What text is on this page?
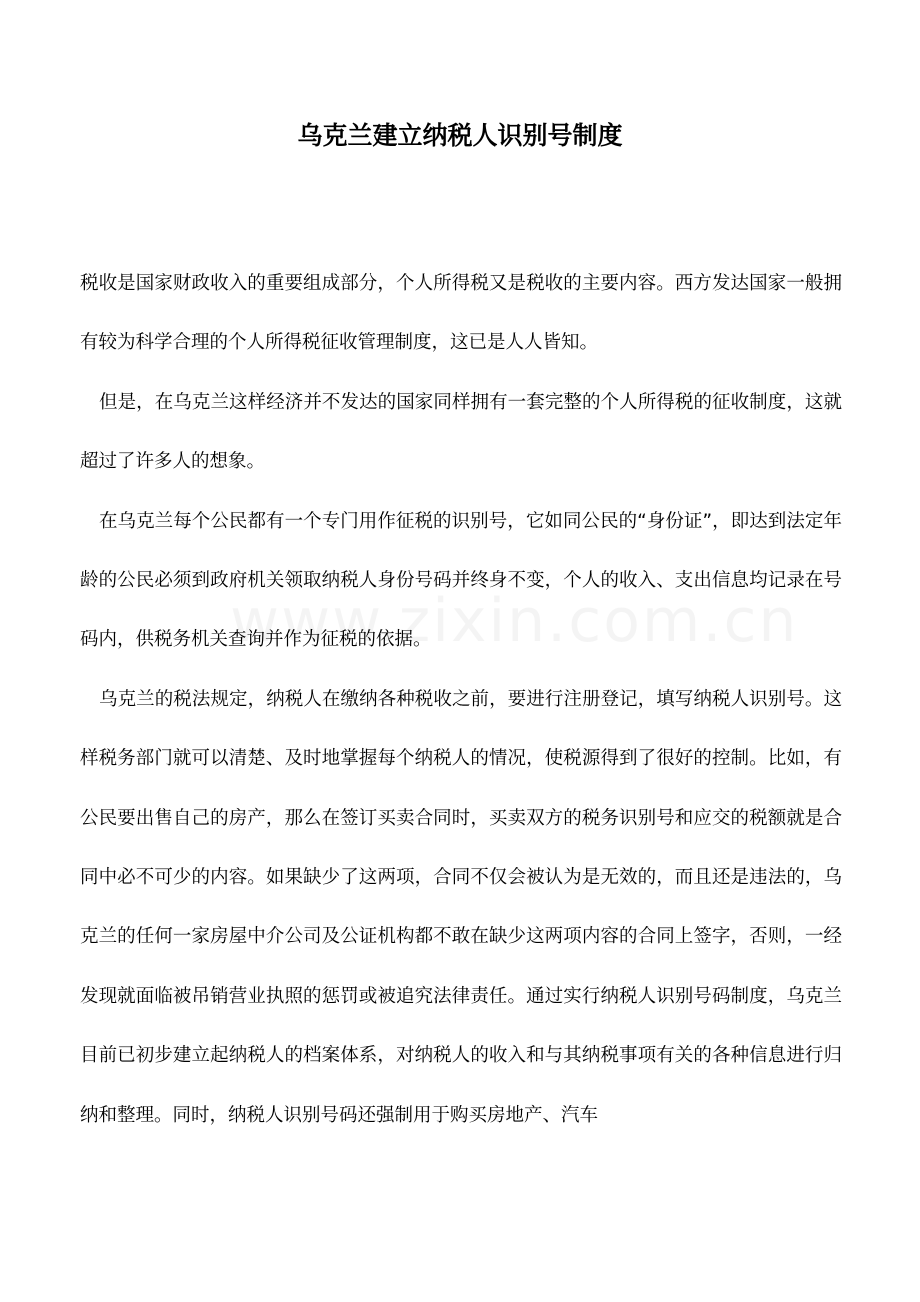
乌克兰建立纳税人识别号制度

税收是国家财政收入的重要组成部分，个人所得税又是税收的主要内容。西方发达国家一般拥有较为科学合理的个人所得税征收管理制度，这已是人人皆知。

但是，在乌克兰这样经济并不发达的国家同样拥有一套完整的个人所得税的征收制度，这就超过了许多人的想象。

在乌克兰每个公民都有一个专门用作征税的识别号，它如同公民的“身份证”，即达到法定年龄的公民必须到政府机关领取纳税人身份号码并终身不变，个人的收入、支出信息均记录在号码内，供税务机关查询并作为征税的依据。

乌克兰的税法规定，纳税人在缴纳各种税收之前，要进行注册登记，填写纳税人识别号。这样税务部门就可以清楚、及时地掌握每个纳税人的情况，使税源得到了很好的控制。比如，有公民要出售自己的房产，那么在签订买卖合同时，买卖双方的税务识别号和应交的税额就是合同中必不可少的内容。如果缺少了这两项，合同不仅会被认为是无效的，而且还是违法的，乌克兰的任何一家房屋中介公司及公证机构都不敢在缺少这两项内容的合同上签字，否则，一经发现就面临被吊销营业执照的惩罚或被追究法律责任。通过实行纳税人识别号码制度，乌克兰目前已初步建立起纳税人的档案体系，对纳税人的收入和与其纳税事项有关的各种信息进行归纳和整理。同时，纳税人识别号码还强制用于购买房地产、汽车
